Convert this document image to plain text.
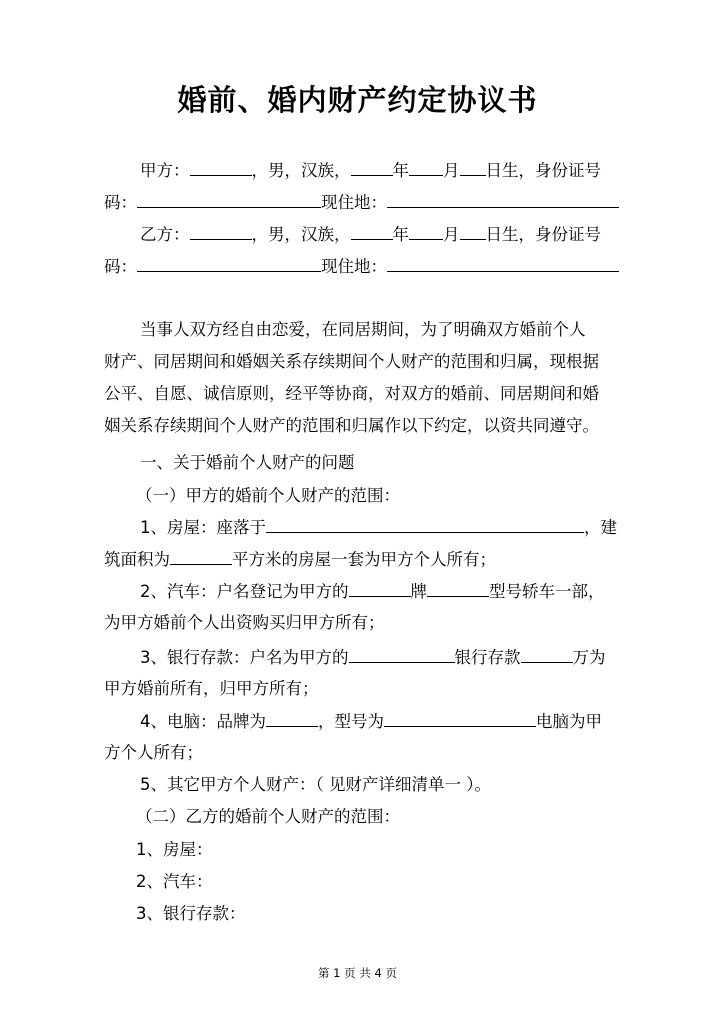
婚前、婚内财产约定协议书
甲方：	，男，汉族，	年 月 日生，身份证号
码：	现住地：
乙方：	，男，汉族，	年 月 日生，身份证号
码：	现住地：
当事人双方经自由恋爱，在同居期间，为了明确双方婚前个人
财产、同居期间和婚姻关系存续期间个人财产的范围和归属，现根据
公平、自愿、诚信原则，经平等协商，对双方的婚前、同居期间和婚
姻关系存续期间个人财产的范围和归属作以下约定，以资共同遵守。
一、关于婚前个人财产的问题
（一）甲方的婚前个人财产的范围：
1、房屋：座落于	，建
筑面积为	平方米的房屋一套为甲方个人所有；
2、汽车：户名登记为甲方的	牌	型号轿车一部，
为甲方婚前个人出资购买归甲方所有；
3、银行存款：户名为甲方的	银行存款	万为
甲方婚前所有，归甲方所有；
4、电脑：品牌为	，型号为	电脑为甲
方个人所有；
5、其它甲方个人财产：（ 见财产详细清单一 ）。
（二）乙方的婚前个人财产的范围：
1、房屋：
2、汽车：
3、银行存款：
第 1 页 共 4 页
